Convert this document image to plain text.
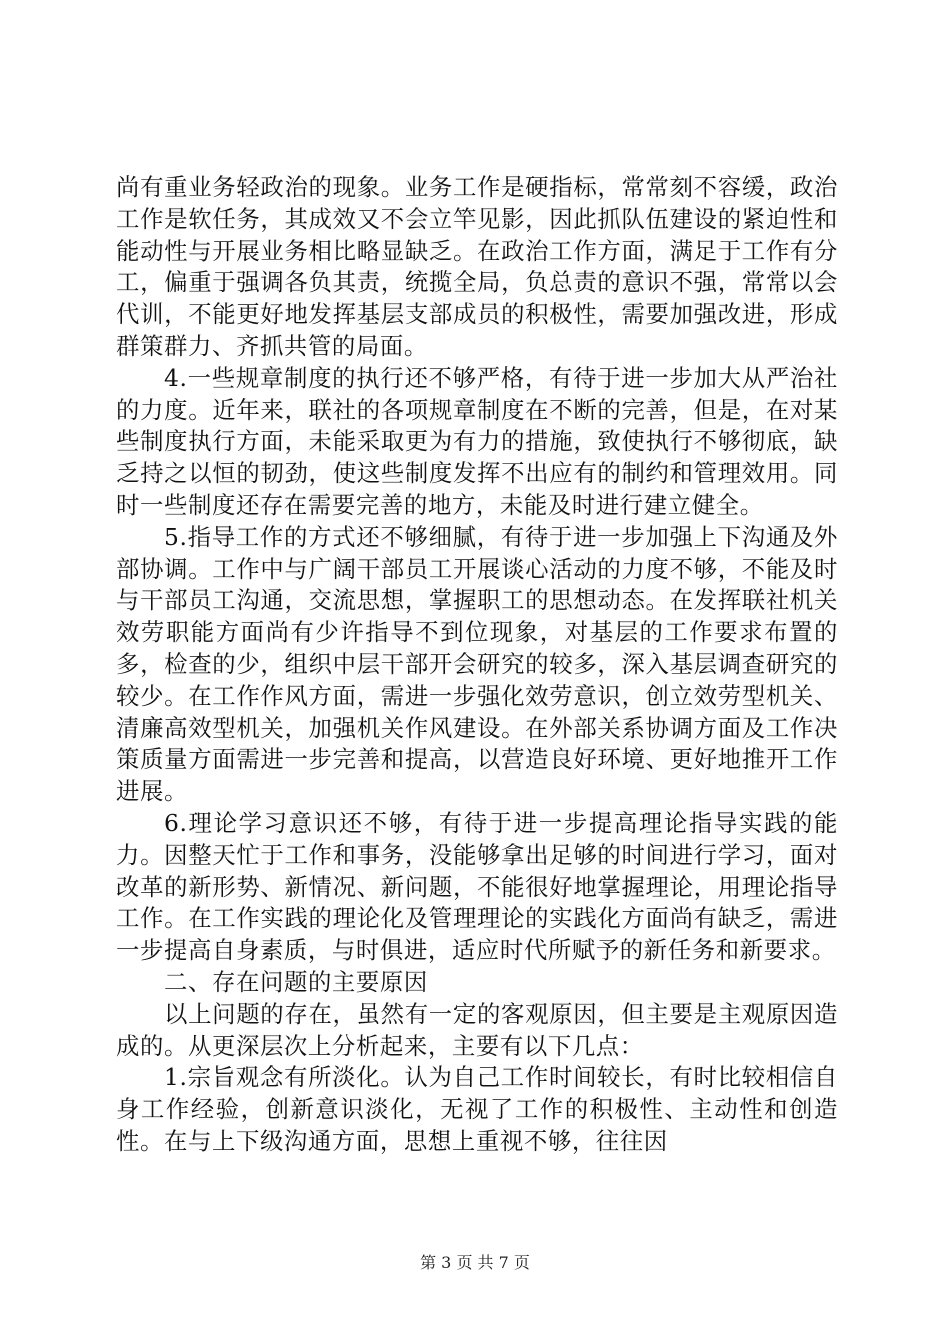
尚有重业务轻政治的现象。业务工作是硬指标，常常刻不容缓，政治工作是软任务，其成效又不会立竿见影，因此抓队伍建设的紧迫性和能动性与开展业务相比略显缺乏。在政治工作方面，满足于工作有分工，偏重于强调各负其责，统揽全局，负总责的意识不强，常常以会代训，不能更好地发挥基层支部成员的积极性，需要加强改进，形成群策群力、齐抓共管的局面。

4.一些规章制度的执行还不够严格，有待于进一步加大从严治社的力度。近年来，联社的各项规章制度在不断的完善，但是，在对某些制度执行方面，未能采取更为有力的措施，致使执行不够彻底，缺乏持之以恒的韧劲，使这些制度发挥不出应有的制约和管理效用。同时一些制度还存在需要完善的地方，未能及时进行建立健全。

5.指导工作的方式还不够细腻，有待于进一步加强上下沟通及外部协调。工作中与广阔干部员工开展谈心活动的力度不够，不能及时与干部员工沟通，交流思想，掌握职工的思想动态。在发挥联社机关效劳职能方面尚有少许指导不到位现象，对基层的工作要求布置的多，检查的少，组织中层干部开会研究的较多，深入基层调查研究的较少。在工作作风方面，需进一步强化效劳意识，创立效劳型机关、清廉高效型机关，加强机关作风建设。在外部关系协调方面及工作决策质量方面需进一步完善和提高，以营造良好环境、更好地推开工作进展。

6.理论学习意识还不够，有待于进一步提高理论指导实践的能力。因整天忙于工作和事务，没能够拿出足够的时间进行学习，面对改革的新形势、新情况、新问题，不能很好地掌握理论，用理论指导工作。在工作实践的理论化及管理理论的实践化方面尚有缺乏，需进一步提高自身素质，与时俱进，适应时代所赋予的新任务和新要求。

二、存在问题的主要原因

以上问题的存在，虽然有一定的客观原因，但主要是主观原因造成的。从更深层次上分析起来，主要有以下几点：

1.宗旨观念有所淡化。认为自己工作时间较长，有时比较相信自身工作经验，创新意识淡化，无视了工作的积极性、主动性和创造性。在与上下级沟通方面，思想上重视不够，往往因

第 3 页 共 7 页
